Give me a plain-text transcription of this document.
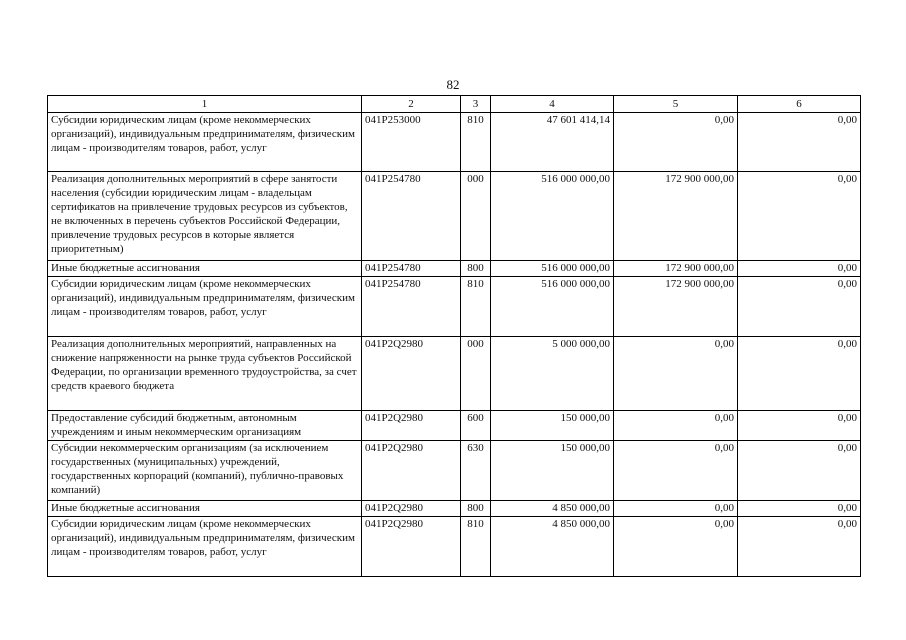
82
1	2	3	4	5	6
Субсидии юридическим лицам (кроме некоммерческих организаций), индивидуальным предпринимателям, физическим лицам - производителям товаров, работ, услуг	041Р253000	810	47 601 414,14	0,00	0,00
Реализация дополнительных мероприятий в сфере занятости населения (субсидии юридическим лицам - владельцам сертификатов на привлечение трудовых ресурсов из субъектов, не включенных в перечень субъектов Российской Федерации, привлечение трудовых ресурсов в которые является приоритетным)	041Р254780	000	516 000 000,00	172 900 000,00	0,00
Иные бюджетные ассигнования	041Р254780	800	516 000 000,00	172 900 000,00	0,00
Субсидии юридическим лицам (кроме некоммерческих организаций), индивидуальным предпринимателям, физическим лицам - производителям товаров, работ, услуг	041Р254780	810	516 000 000,00	172 900 000,00	0,00
Реализация дополнительных мероприятий, направленных на снижение напряженности на рынке труда субъектов Российской Федерации, по организации временного трудоустройства, за счет средств краевого бюджета	041Р2Q2980	000	5 000 000,00	0,00	0,00
Предоставление субсидий бюджетным, автономным учреждениям и иным некоммерческим организациям	041Р2Q2980	600	150 000,00	0,00	0,00
Субсидии некоммерческим организациям (за исключением государственных (муниципальных) учреждений, государственных корпораций (компаний), публично-правовых компаний)	041Р2Q2980	630	150 000,00	0,00	0,00
Иные бюджетные ассигнования	041Р2Q2980	800	4 850 000,00	0,00	0,00
Субсидии юридическим лицам (кроме некоммерческих организаций), индивидуальным предпринимателям, физическим лицам - производителям товаров, работ, услуг	041Р2Q2980	810	4 850 000,00	0,00	0,00
